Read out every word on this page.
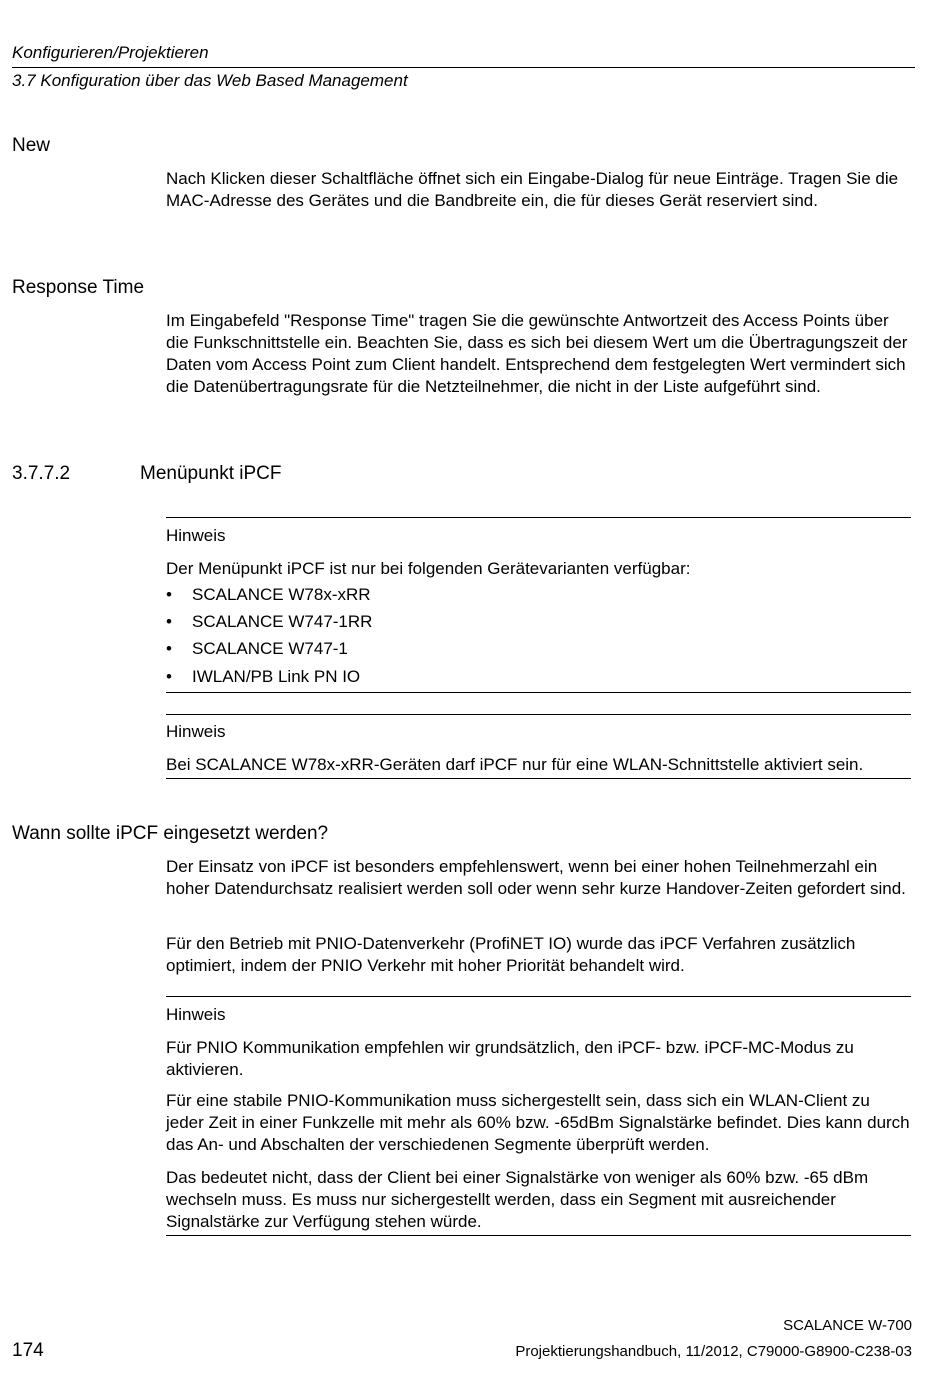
Konfigurieren/Projektieren
3.7 Konfiguration über das Web Based Management
New

Nach Klicken dieser Schaltfläche öffnet sich ein Eingabe-Dialog für neue Einträge. Tragen Sie die MAC-Adresse des Gerätes und die Bandbreite ein, die für dieses Gerät reserviert sind.

Response Time

Im Eingabefeld "Response Time" tragen Sie die gewünschte Antwortzeit des Access Points über die Funkschnittstelle ein. Beachten Sie, dass es sich bei diesem Wert um die Übertragungszeit der Daten vom Access Point zum Client handelt. Entsprechend dem festgelegten Wert vermindert sich die Datenübertragungsrate für die Netzteilnehmer, die nicht in der Liste aufgeführt sind.

3.7.7.2	Menüpunkt iPCF
Hinweis

Der Menüpunkt iPCF ist nur bei folgenden Gerätevarianten verfügbar:

• SCALANCE W78x-xRR
• SCALANCE W747-1RR
• SCALANCE W747-1
• IWLAN/PB Link PN IO
Hinweis

Bei SCALANCE W78x-xRR-Geräten darf iPCF nur für eine WLAN-Schnittstelle aktiviert sein.

Wann sollte iPCF eingesetzt werden?

Der Einsatz von iPCF ist besonders empfehlenswert, wenn bei einer hohen Teilnehmerzahl ein hoher Datendurchsatz realisiert werden soll oder wenn sehr kurze Handover-Zeiten gefordert sind.

Für den Betrieb mit PNIO-Datenverkehr (ProfiNET IO) wurde das iPCF Verfahren zusätzlich optimiert, indem der PNIO Verkehr mit hoher Priorität behandelt wird.

Hinweis

Für PNIO Kommunikation empfehlen wir grundsätzlich, den iPCF- bzw. iPCF-MC-Modus zu aktivieren.

Für eine stabile PNIO-Kommunikation muss sichergestellt sein, dass sich ein WLAN-Client zu jeder Zeit in einer Funkzelle mit mehr als 60% bzw. -65dBm Signalstärke befindet. Dies kann durch das An- und Abschalten der verschiedenen Segmente überprüft werden.

Das bedeutet nicht, dass der Client bei einer Signalstärke von weniger als 60% bzw. -65 dBm wechseln muss. Es muss nur sichergestellt werden, dass ein Segment mit ausreichender Signalstärke zur Verfügung stehen würde.

SCALANCE W-700
174	Projektierungshandbuch, 11/2012, C79000-G8900-C238-03
